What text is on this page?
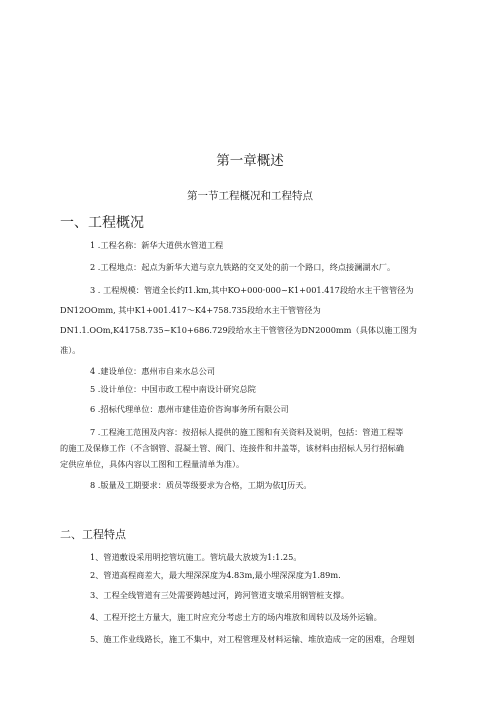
第一章概述
第一节工程概况和工程特点
一、工程概况
1 .工程名称：新华大道供水管道工程
2 .工程地点：起点为新华大道与京九铁路的交叉处的前一个路口，终点接澜湖水厂。
3 . 工程规模：管道全长约I1.km,其中KO+000·000~K1+001.417段给水主干管管径为
DN12OOmm, 其中K1+001.417～K4+758.735段给水主干管管径为
DN1.1.OOm,K41758.735~K10+686.729段给水主干管管径为DN2000mm（具体以施工图为
准）。
4 .建设单位：惠州市自来水总公司
5 .设计单位：中国市政工程中南设计研究总院
6 .招标代理单位：惠州市建佳造价咨询事务所有限公司
7 .工程淹工范围及内容：按招标人提供的施工图和有关资料及说明，包括：管道工程等
的施工及保修工作（不含钢管、混凝土管、阀门、连接件和井盖等，该材料由招标人另行招标确
定供应单位，具体内容以工图和工程量清单为准）。
8 .版量及工期要求：质员等级要求为合格，工期为依IJ历天。
二、工程特点
1、管道敷设采用明挖管坑施工。管坑最大放坡为1:1.25。
2、管道高程商差大，最大埋深深度为4.83m,最小埋深深度为1.89m.
3、工程全线管道有三处需要跨越过河，跨河管道支墩采用钢管桩支撑。
4、工程开挖土方量大，施工时应充分考虑土方的场内堆放和周转以及场外运输。
5、施工作业线路长，施工不集中，对工程管理及材料运输、堆放造成一定的困难，合理划
